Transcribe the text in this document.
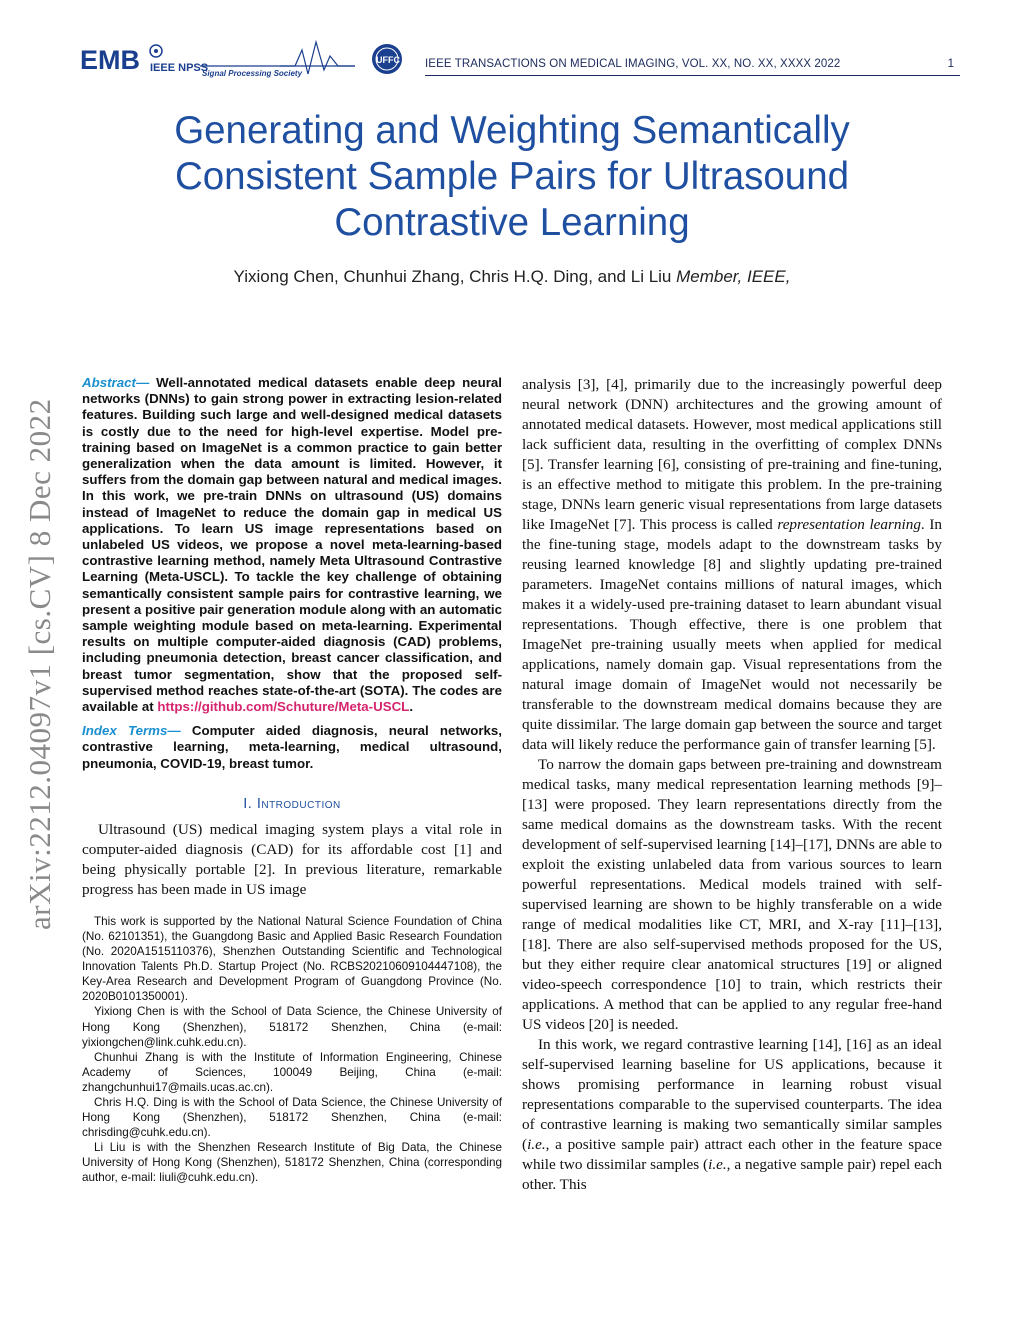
EMB IEEE NPSS
Signal Processing Society
UFFC IEEE TRANSACTIONS ON MEDICAL IMAGING, VOL. XX, NO. XX, XXXX 2022	1
Generating and Weighting Semantically
Consistent Sample Pairs for Ultrasound
Contrastive Learning
Yixiong Chen, Chunhui Zhang, Chris H.Q. Ding, and Li Liu Member, IEEE,
arXiv:2212.04097v1 [cs.CV] 8 Dec 2022

Abstract— Well-annotated medical datasets enable deep neural networks (DNNs) to gain strong power in extracting lesion-related features. Building such large and well-designed medical datasets is costly due to the need for high-level expertise. Model pre-training based on ImageNet is a common practice to gain better generalization when the data amount is limited. However, it suffers from the domain gap between natural and medical images. In this work, we pre-train DNNs on ultrasound (US) domains instead of ImageNet to reduce the domain gap in medical US applications. To learn US image representations based on unlabeled US videos, we propose a novel meta-learning-based contrastive learning method, namely Meta Ultrasound Contrastive Learning (Meta-USCL). To tackle the key challenge of obtaining semantically consistent sample pairs for contrastive learning, we present a positive pair generation module along with an automatic sample weighting module based on meta-learning. Experimental results on multiple computer-aided diagnosis (CAD) problems, including pneumonia detection, breast cancer classification, and breast tumor segmentation, show that the proposed self-supervised method reaches state-of-the-art (SOTA). The codes are available at https://github.com/Schuture/Meta-USCL.

Index Terms— Computer aided diagnosis, neural networks, contrastive learning, meta-learning, medical ultrasound, pneumonia, COVID-19, breast tumor.

I. Introduction

Ultrasound (US) medical imaging system plays a vital role in computer-aided diagnosis (CAD) for its affordable cost [1] and being physically portable [2]. In previous literature, remarkable progress has been made in US image

This work is supported by the National Natural Science Foundation of China (No. 62101351), the Guangdong Basic and Applied Basic Research Foundation (No. 2020A1515110376), Shenzhen Outstanding Scientific and Technological Innovation Talents Ph.D. Startup Project (No. RCBS20210609104447108), the Key-Area Research and Development Program of Guangdong Province (No. 2020B0101350001).

Yixiong Chen is with the School of Data Science, the Chinese University of Hong Kong (Shenzhen), 518172 Shenzhen, China (e-mail: yixiongchen@link.cuhk.edu.cn).

Chunhui Zhang is with the Institute of Information Engineering, Chinese Academy of Sciences, 100049 Beijing, China (e-mail: zhangchunhui17@mails.ucas.ac.cn).

Chris H.Q. Ding is with the School of Data Science, the Chinese University of Hong Kong (Shenzhen), 518172 Shenzhen, China (e-mail: chrisding@cuhk.edu.cn).

Li Liu is with the Shenzhen Research Institute of Big Data, the Chinese University of Hong Kong (Shenzhen), 518172 Shenzhen, China (corresponding author, e-mail: liuli@cuhk.edu.cn).

analysis [3], [4], primarily due to the increasingly powerful deep neural network (DNN) architectures and the growing amount of annotated medical datasets. However, most medical applications still lack sufficient data, resulting in the overfitting of complex DNNs [5]. Transfer learning [6], consisting of pre-training and fine-tuning, is an effective method to mitigate this problem. In the pre-training stage, DNNs learn generic visual representations from large datasets like ImageNet [7]. This process is called representation learning. In the fine-tuning stage, models adapt to the downstream tasks by reusing learned knowledge [8] and slightly updating pre-trained parameters. ImageNet contains millions of natural images, which makes it a widely-used pre-training dataset to learn abundant visual representations. Though effective, there is one problem that ImageNet pre-training usually meets when applied for medical applications, namely domain gap. Visual representations from the natural image domain of ImageNet would not necessarily be transferable to the downstream medical domains because they are quite dissimilar. The large domain gap between the source and target data will likely reduce the performance gain of transfer learning [5].

To narrow the domain gaps between pre-training and downstream medical tasks, many medical representation learning methods [9]–[13] were proposed. They learn representations directly from the same medical domains as the downstream tasks. With the recent development of self-supervised learning [14]–[17], DNNs are able to exploit the existing unlabeled data from various sources to learn powerful representations. Medical models trained with self-supervised learning are shown to be highly transferable on a wide range of medical modalities like CT, MRI, and X-ray [11]–[13], [18]. There are also self-supervised methods proposed for the US, but they either require clear anatomical structures [19] or aligned video-speech correspondence [10] to train, which restricts their applications. A method that can be applied to any regular free-hand US videos [20] is needed.

In this work, we regard contrastive learning [14], [16] as an ideal self-supervised learning baseline for US applications, because it shows promising performance in learning robust visual representations comparable to the supervised counterparts. The idea of contrastive learning is making two semantically similar samples (i.e., a positive sample pair) attract each other in the feature space while two dissimilar samples (i.e., a negative sample pair) repel each other. This
